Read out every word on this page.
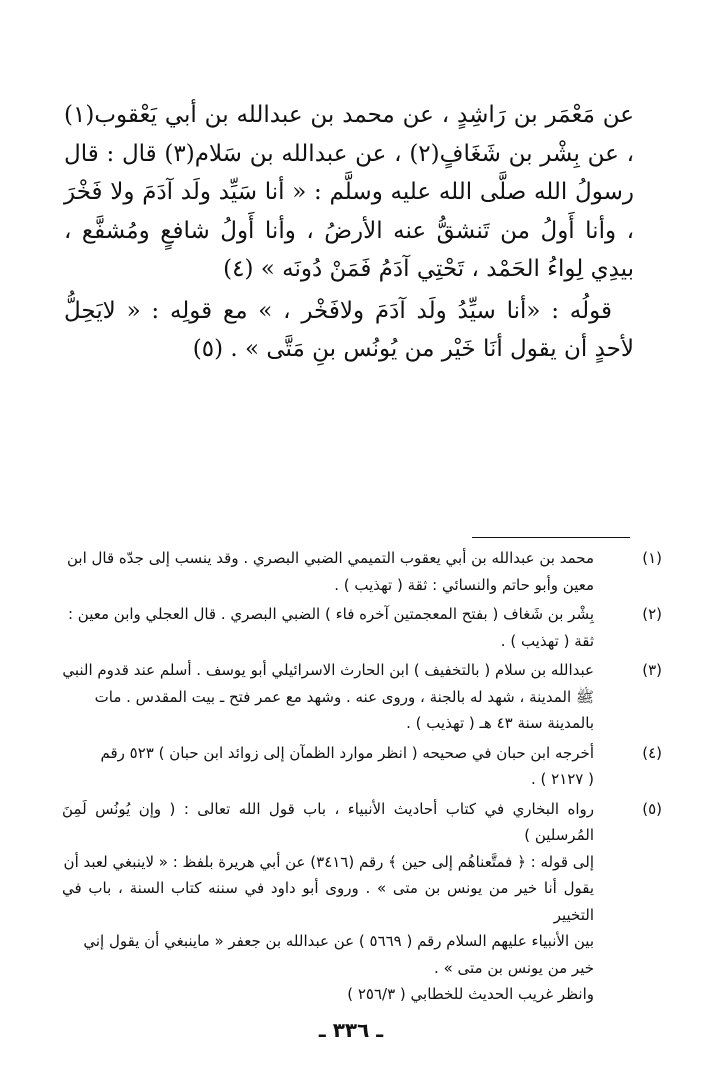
عن مَعْمَر بن رَاشِدٍ ، عن محمد بن عبدالله بن أبي يَعْقوب(١) ، عن بِشْر بن شَغَافٍ(٢) ، عن عبدالله بن سَلام(٣) قال : قال رسولُ الله صلَّى الله عليه وسلَّم : « أنا سَيِّد ولَد آدَمَ ولا فَخْرَ ، وأنا أَولُ من تَنشقُّ عنه الأرضُ ، وأنا أَولُ شافعٍ ومُشفَّع ، بيدِي لِواءُ الحَمْد ، تَحْتِي آدَمُ فَمَنْ دُونَه » (٤)

قولُه : «أنا سيِّدُ ولَد آدَمَ ولافَخْر ، » مع قولِه : « لايَحِلُّ لأحدٍ أن يقول أنَا خَيْر من يُونُس بنِ مَتَّى » . (٥)

(١)
محمد بن عبدالله بن أبي يعقوب التميمي الضبي البصري . وقد ينسب إلى جدّه قال ابن
معين وأبو حاتم والنسائي : ثقة ( تهذيب ) .
(٢)
بِشْر بن شَغاف ( بفتح المعجمتين آخره فاء ) الضبي البصري . قال العجلي وابن معين :
ثقة ( تهذيب ) .
(٣)
عبدالله بن سلام ( بالتخفيف ) ابن الحارث الاسرائيلي أبو يوسف . أسلم عند قدوم النبي
ﷺ المدينة ، شهد له بالجنة ، وروى عنه . وشهد مع عمر فتح ـ بيت المقدس . مات
بالمدينة سنة ٤٣ هـ ( تهذيب ) .
(٤)
أخرجه ابن حبان في صحيحه ( انظر موارد الظمآن إلى زوائد ابن حبان ) ٥٢٣ رقم
( ٢١٢٧ ) .
(٥)
رواه البخاري في كتاب أحاديث الأنبياء ، باب قول الله تعالى : ( وإن يُونُس لَمِنَ المُرسلين )
إلى قوله : ﴿ فمتَّعناهُم إلى حين ﴾ رقم (٣٤١٦) عن أبي هريرة بلفظ : « لاينبغي لعبد أن
يقول أنا خير من يونس بن متى » . وروى أبو داود في سننه كتاب السنة ، باب في التخيير
بين الأنبياء عليهم السلام رقم ( ٥٦٦٩ ) عن عبدالله بن جعفر « ماينبغي أن يقول إني
خير من يونس بن متى » .
وانظر غريب الحديث للخطابي ( ٢٥٦/٣ )
ـ ٣٣٦ ـ
